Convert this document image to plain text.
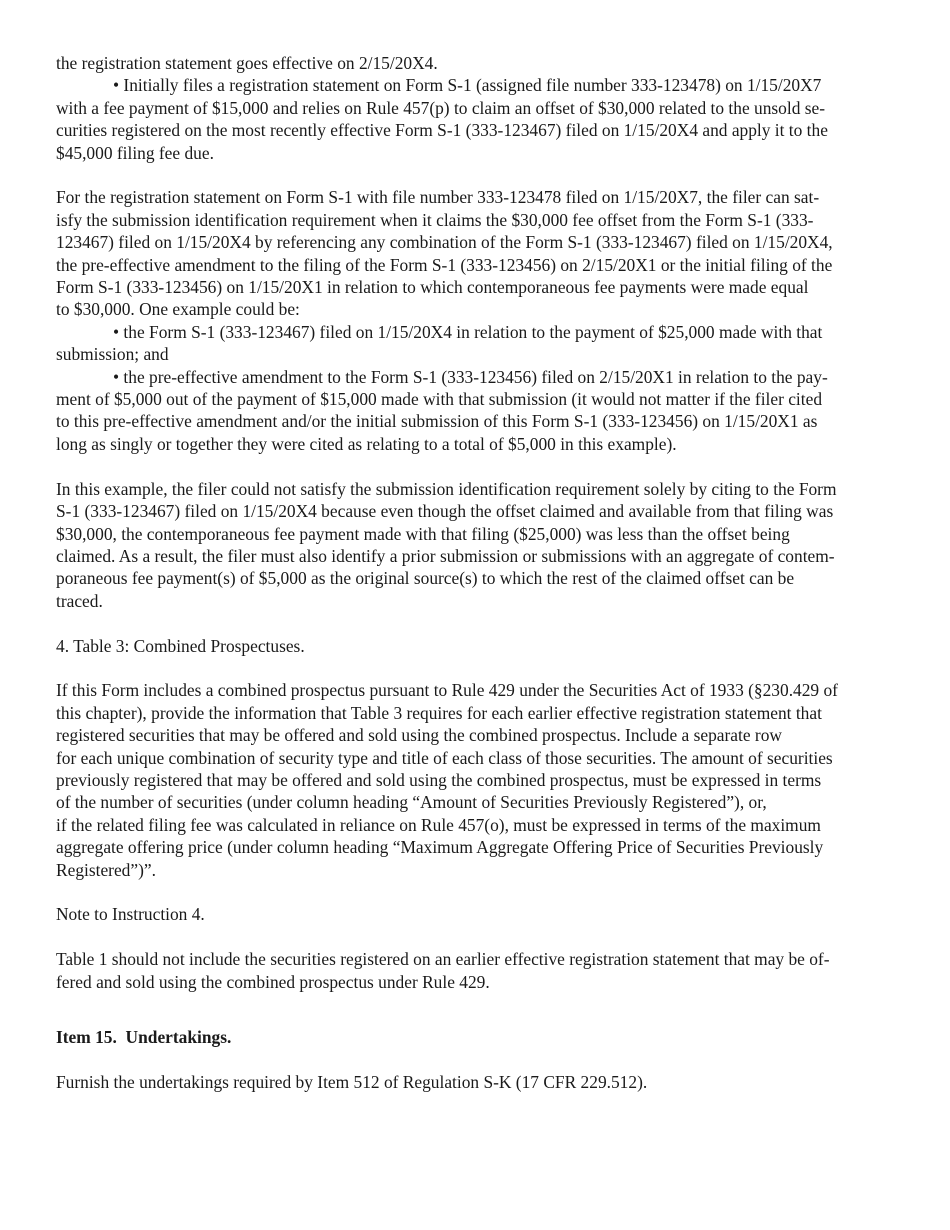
the registration statement goes effective on 2/15/20X4.
• Initially files a registration statement on Form S-1 (assigned file number 333-123478) on 1/15/20X7
with a fee payment of $15,000 and relies on Rule 457(p) to claim an offset of $30,000 related to the unsold se-
curities registered on the most recently effective Form S-1 (333-123467) filed on 1/15/20X4 and apply it to the
$45,000 filing fee due.
For the registration statement on Form S-1 with file number 333-123478 filed on 1/15/20X7, the filer can sat-
isfy the submission identification requirement when it claims the $30,000 fee offset from the Form S-1 (333-
123467) filed on 1/15/20X4 by referencing any combination of the Form S-1 (333-123467) filed on 1/15/20X4,
the pre-effective amendment to the filing of the Form S-1 (333-123456) on 2/15/20X1 or the initial filing of the
Form S-1 (333-123456) on 1/15/20X1 in relation to which contemporaneous fee payments were made equal
to $30,000. One example could be:
• the Form S-1 (333-123467) filed on 1/15/20X4 in relation to the payment of $25,000 made with that
submission; and
• the pre-effective amendment to the Form S-1 (333-123456) filed on 2/15/20X1 in relation to the pay-
ment of $5,000 out of the payment of $15,000 made with that submission (it would not matter if the filer cited
to this pre-effective amendment and/or the initial submission of this Form S-1 (333-123456) on 1/15/20X1 as
long as singly or together they were cited as relating to a total of $5,000 in this example).
In this example, the filer could not satisfy the submission identification requirement solely by citing to the Form
S-1 (333-123467) filed on 1/15/20X4 because even though the offset claimed and available from that filing was
$30,000, the contemporaneous fee payment made with that filing ($25,000) was less than the offset being
claimed. As a result, the filer must also identify a prior submission or submissions with an aggregate of contem-
poraneous fee payment(s) of $5,000 as the original source(s) to which the rest of the claimed offset can be
traced.
4. Table 3: Combined Prospectuses.
If this Form includes a combined prospectus pursuant to Rule 429 under the Securities Act of 1933 (§230.429 of
this chapter), provide the information that Table 3 requires for each earlier effective registration statement that
registered securities that may be offered and sold using the combined prospectus. Include a separate row
for each unique combination of security type and title of each class of those securities. The amount of securities
previously registered that may be offered and sold using the combined prospectus, must be expressed in terms
of the number of securities (under column heading “Amount of Securities Previously Registered”), or,
if the related filing fee was calculated in reliance on Rule 457(o), must be expressed in terms of the maximum
aggregate offering price (under column heading “Maximum Aggregate Offering Price of Securities Previously
Registered”)”.
Note to Instruction 4.
Table 1 should not include the securities registered on an earlier effective registration statement that may be of-
fered and sold using the combined prospectus under Rule 429.
Item 15.  Undertakings.
Furnish the undertakings required by Item 512 of Regulation S-K (17 CFR 229.512).
